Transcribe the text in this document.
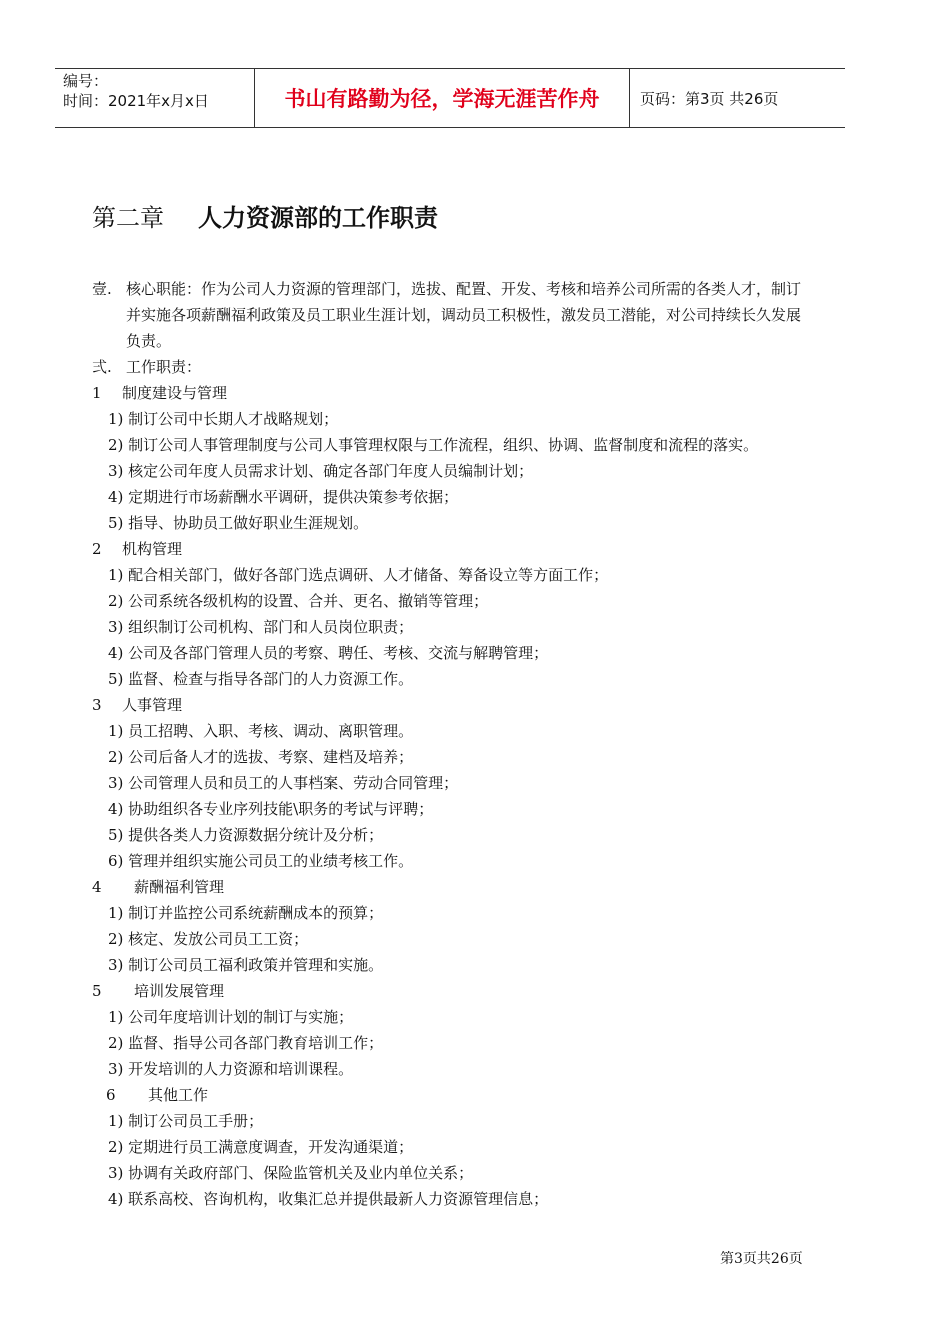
编号：
时间：2021年x月x日	书山有路勤为径，学海无涯苦作舟	页码：第3页 共26页
第二章 人力资源部的工作职责
壹. 核心职能：作为公司人力资源的管理部门，选拔、配置、开发、考核和培养公司所需的各类人才，制订并实施各项薪酬福利政策及员工职业生涯计划，调动员工积极性，激发员工潜能，对公司持续长久发展负责。
弍. 工作职责：
1 制度建设与管理
1) 制订公司中长期人才战略规划；
2) 制订公司人事管理制度与公司人事管理权限与工作流程，组织、协调、监督制度和流程的落实。
3) 核定公司年度人员需求计划、确定各部门年度人员编制计划；
4) 定期进行市场薪酬水平调研，提供决策参考依据；
5) 指导、协助员工做好职业生涯规划。
2 机构管理
1) 配合相关部门，做好各部门选点调研、人才储备、筹备设立等方面工作；
2) 公司系统各级机构的设置、合并、更名、撤销等管理；
3) 组织制订公司机构、部门和人员岗位职责；
4) 公司及各部门管理人员的考察、聘任、考核、交流与解聘管理；
5) 监督、检查与指导各部门的人力资源工作。
3 人事管理
1) 员工招聘、入职、考核、调动、离职管理。
2) 公司后备人才的选拔、考察、建档及培养；
3) 公司管理人员和员工的人事档案、劳动合同管理；
4) 协助组织各专业序列技能\职务的考试与评聘；
5) 提供各类人力资源数据分统计及分析；
6) 管理并组织实施公司员工的业绩考核工作。
4 薪酬福利管理
1) 制订并监控公司系统薪酬成本的预算；
2) 核定、发放公司员工工资；
3) 制订公司员工福利政策并管理和实施。
5 培训发展管理
1) 公司年度培训计划的制订与实施；
2) 监督、指导公司各部门教育培训工作；
3) 开发培训的人力资源和培训课程。
6 其他工作
1) 制订公司员工手册；
2) 定期进行员工满意度调查，开发沟通渠道；
3) 协调有关政府部门、保险监管机关及业内单位关系；
4) 联系高校、咨询机构，收集汇总并提供最新人力资源管理信息；
第3页共26页
